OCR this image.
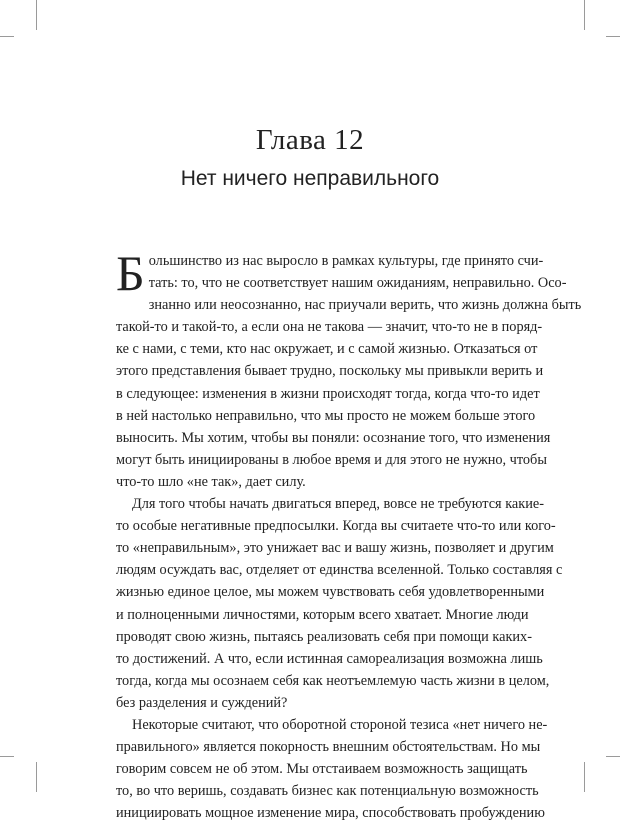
Глава 12
Нет ничего неправильного
Б ольшинство из нас выросло в рамках культуры, где принято счи-
тать: то, что не соответствует нашим ожиданиям, неправильно. Осо-
знанно или неосознанно, нас приучали верить, что жизнь должна быть
такой-то и такой-то, а если она не такова — значит, что-то не в поряд-
ке с нами, с теми, кто нас окружает, и с самой жизнью. Отказаться от
этого представления бывает трудно, поскольку мы привыкли верить и
в следующее: изменения в жизни происходят тогда, когда что-то идет
в ней настолько неправильно, что мы просто не можем больше этого
выносить. Мы хотим, чтобы вы поняли: осознание того, что изменения
могут быть инициированы в любое время и для этого не нужно, чтобы
что-то шло «не так», дает силу.
Для того чтобы начать двигаться вперед, вовсе не требуются какие-
то особые негативные предпосылки. Когда вы считаете что-то или кого-
то «неправильным», это унижает вас и вашу жизнь, позволяет и другим
людям осуждать вас, отделяет от единства вселенной. Только составляя с
жизнью единое целое, мы можем чувствовать себя удовлетворенными
и полноценными личностями, которым всего хватает. Многие люди
проводят свою жизнь, пытаясь реализовать себя при помощи каких-
то достижений. А что, если истинная самореализация возможна лишь
тогда, когда мы осознаем себя как неотъемлемую часть жизни в целом,
без разделения и суждений?
Некоторые считают, что оборотной стороной тезиса «нет ничего не-
правильного» является покорность внешним обстоятельствам. Но мы
говорим совсем не об этом. Мы отстаиваем возможность защищать
то, во что веришь, создавать бизнес как потенциальную возможность
инициировать мощное изменение мира, способствовать пробуждению
